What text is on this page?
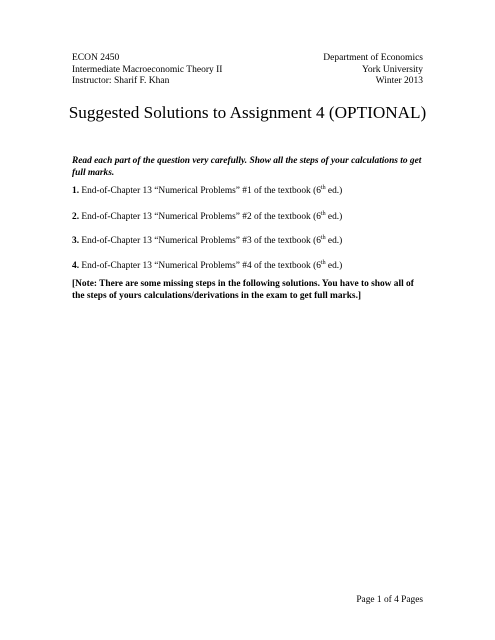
ECON 2450
Intermediate Macroeconomic Theory II
Instructor: Sharif F. Khan
Department of Economics
York University
Winter 2013
Suggested Solutions to Assignment 4 (OPTIONAL)
Read each part of the question very carefully. Show all the steps of your calculations to get full marks.
1. End-of-Chapter 13 “Numerical Problems” #1 of the textbook (6th ed.)
2. End-of-Chapter 13 “Numerical Problems” #2 of the textbook (6th ed.)
3. End-of-Chapter 13 “Numerical Problems” #3 of the textbook (6th ed.)
4. End-of-Chapter 13 “Numerical Problems” #4 of the textbook (6th ed.)
[Note: There are some missing steps in the following solutions. You have to show all of the steps of yours calculations/derivations in the exam to get full marks.]
Page 1 of 4 Pages
